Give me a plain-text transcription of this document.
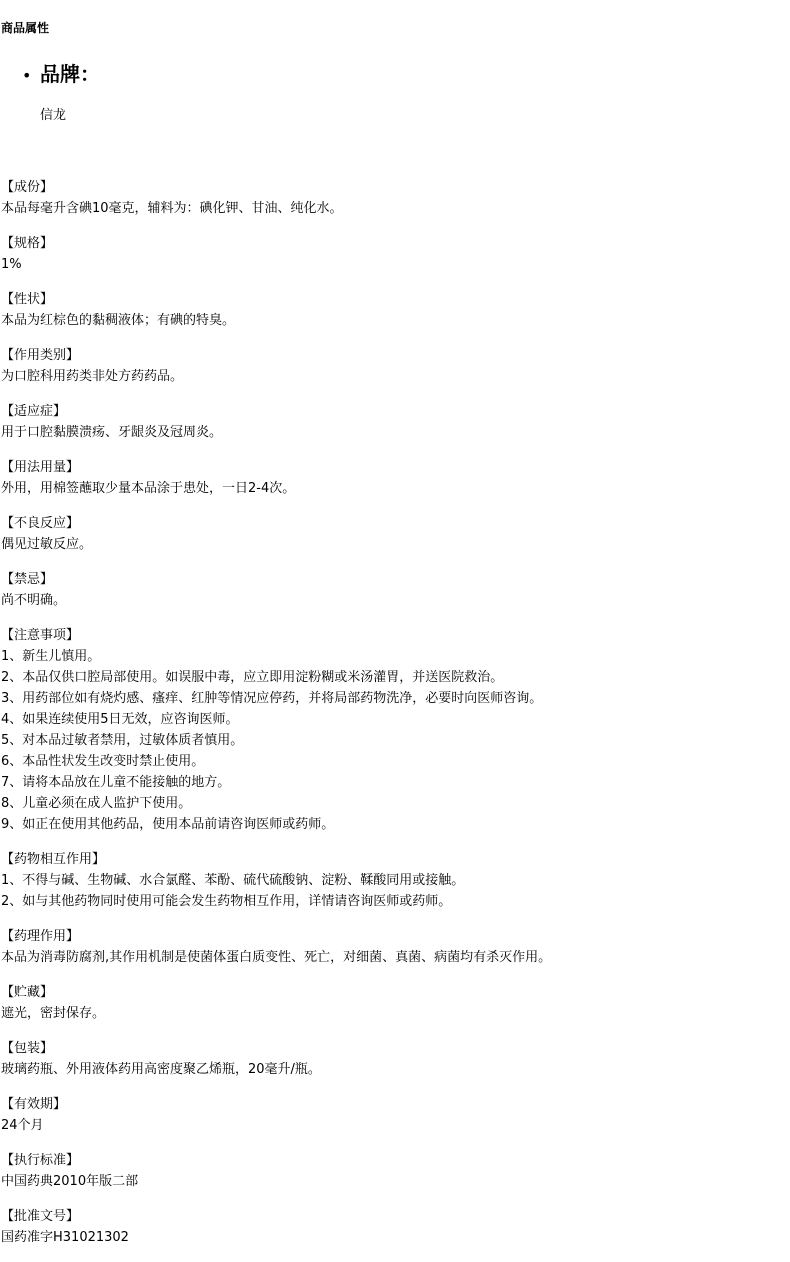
商品属性
• 品牌：
信龙
【成份】
本品每毫升含碘10毫克，辅料为：碘化钾、甘油、纯化水。
【规格】
1%
【性状】
本品为红棕色的黏稠液体；有碘的特臭。
【作用类别】
为口腔科用药类非处方药药品。
【适应症】
用于口腔黏膜溃疡、牙龈炎及冠周炎。
【用法用量】
外用，用棉签蘸取少量本品涂于患处，一日2-4次。
【不良反应】
偶见过敏反应。
【禁忌】
尚不明确。
【注意事项】
1、新生儿慎用。
2、本品仅供口腔局部使用。如误服中毒，应立即用淀粉糊或米汤灌胃，并送医院救治。
3、用药部位如有烧灼感、瘙痒、红肿等情况应停药，并将局部药物洗净，必要时向医师咨询。
4、如果连续使用5日无效，应咨询医师。
5、对本品过敏者禁用，过敏体质者慎用。
6、本品性状发生改变时禁止使用。
7、请将本品放在儿童不能接触的地方。
8、儿童必须在成人监护下使用。
9、如正在使用其他药品，使用本品前请咨询医师或药师。
【药物相互作用】
1、不得与碱、生物碱、水合氯醛、苯酚、硫代硫酸钠、淀粉、鞣酸同用或接触。
2、如与其他药物同时使用可能会发生药物相互作用，详情请咨询医师或药师。
【药理作用】
本品为消毒防腐剂,其作用机制是使菌体蛋白质变性、死亡，对细菌、真菌、病菌均有杀灭作用。
【贮藏】
遮光，密封保存。
【包装】
玻璃药瓶、外用液体药用高密度聚乙烯瓶，20毫升/瓶。
【有效期】
24个月
【执行标准】
中国药典2010年版二部
【批准文号】
国药准字H31021302
